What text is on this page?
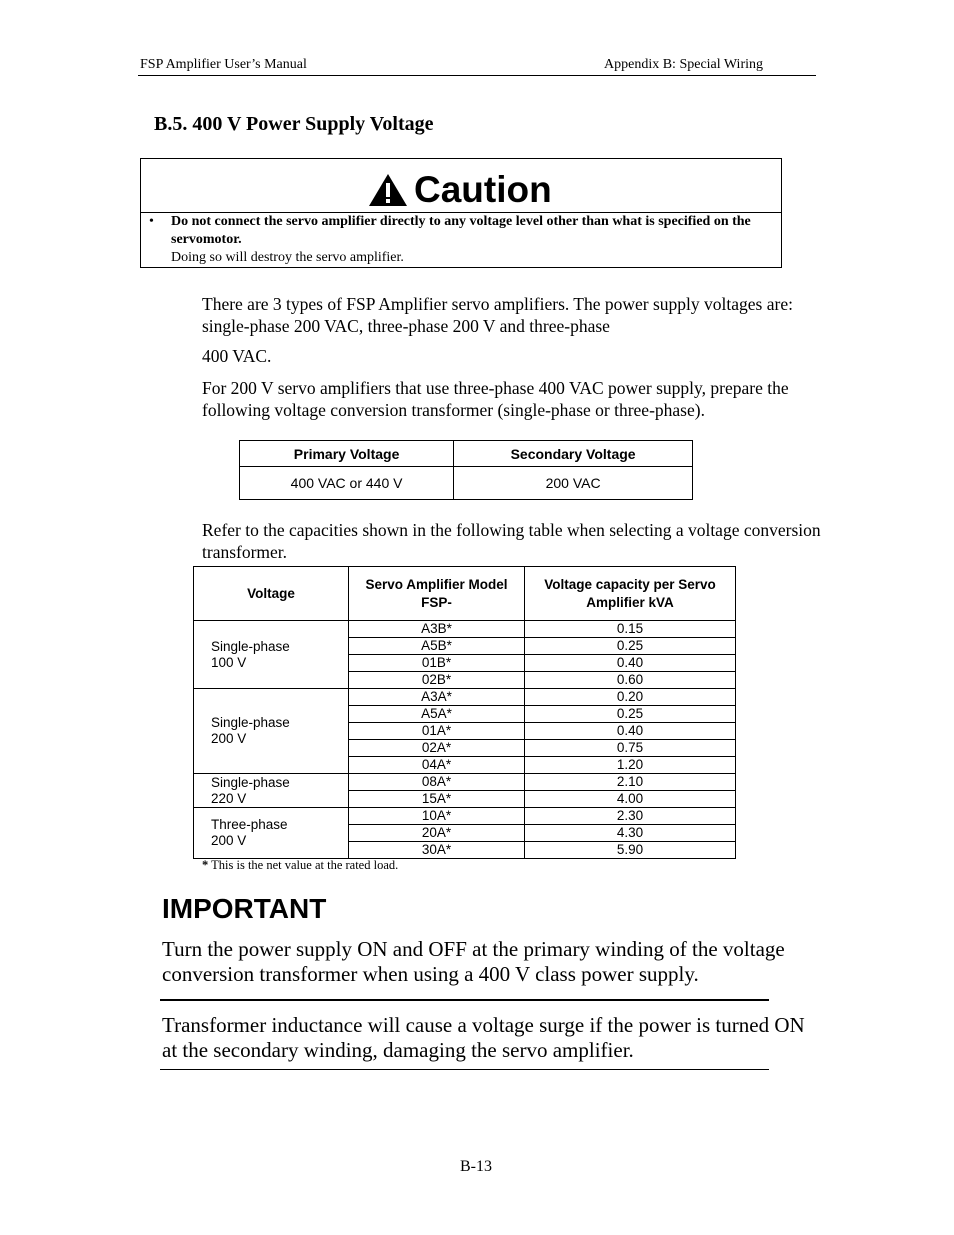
FSP Amplifier User’s Manual	Appendix B: Special Wiring
B.5. 400 V Power Supply Voltage
Caution
• Do not connect the servo amplifier directly to any voltage level other than what is specified on the servomotor.
Doing so will destroy the servo amplifier.
There are 3 types of FSP Amplifier servo amplifiers. The power supply voltages are: single-phase 200 VAC, three-phase 200 V and three-phase
400 VAC.
For 200 V servo amplifiers that use three-phase 400 VAC power supply, prepare the following voltage conversion transformer (single-phase or three-phase).
Primary Voltage	Secondary Voltage
400 VAC or 440 V	200 VAC
Refer to the capacities shown in the following table when selecting a voltage conversion transformer.
Voltage	Servo Amplifier Model FSP-	Voltage capacity per Servo Amplifier kVA

Single-phase
100 V	A3B*	0.15
	A5B*	0.25
	01B*	0.40
	02B*	0.60

Single-phase
200 V	A3A*	0.20
	A5A*	0.25
	01A*	0.40
	02A*	0.75
	04A*	1.20

Single-phase
220 V	08A*	2.10
	15A*	4.00

Three-phase
200 V	10A*	2.30
	20A*	4.30
	30A*	5.90
* This is the net value at the rated load.
IMPORTANT
Turn the power supply ON and OFF at the primary winding of the voltage conversion transformer when using a 400 V class power supply.
Transformer inductance will cause a voltage surge if the power is turned ON at the secondary winding, damaging the servo amplifier.
B-13
